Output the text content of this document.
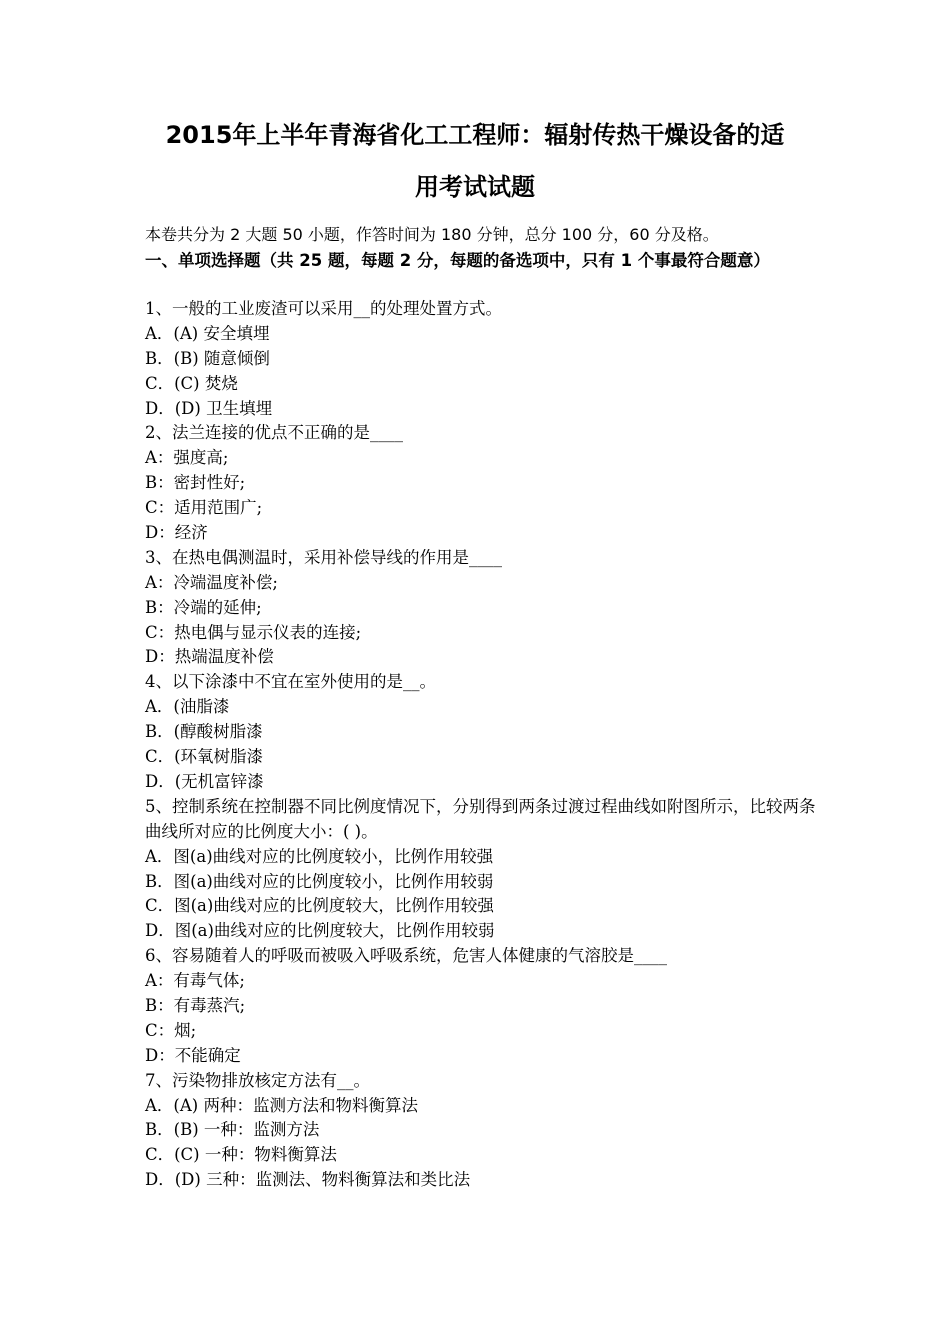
2015年上半年青海省化工工程师：辐射传热干燥设备的适
用考试试题
本卷共分为 2 大题 50 小题，作答时间为 180 分钟，总分 100 分，60 分及格。
一、单项选择题（共 25 题，每题 2 分，每题的备选项中，只有 1 个事最符合题意）
1、一般的工业废渣可以采用__的处理处置方式。
A．(A) 安全填埋
B．(B) 随意倾倒
C．(C) 焚烧
D．(D) 卫生填埋
2、法兰连接的优点不正确的是____
A：强度高;
B：密封性好;
C：适用范围广;
D：经济
3、在热电偶测温时，采用补偿导线的作用是____
A：冷端温度补偿;
B：冷端的延伸;
C：热电偶与显示仪表的连接;
D：热端温度补偿
4、以下涂漆中不宜在室外使用的是__。
A．(油脂漆
B．(醇酸树脂漆
C．(环氧树脂漆
D．(无机富锌漆
5、控制系统在控制器不同比例度情况下，分别得到两条过渡过程曲线如附图所示，比较两条曲线所对应的比例度大小：( )。
A．图(a)曲线对应的比例度较小，比例作用较强
B．图(a)曲线对应的比例度较小，比例作用较弱
C．图(a)曲线对应的比例度较大，比例作用较强
D．图(a)曲线对应的比例度较大，比例作用较弱
6、容易随着人的呼吸而被吸入呼吸系统，危害人体健康的气溶胶是____
A：有毒气体;
B：有毒蒸汽;
C：烟;
D：不能确定
7、污染物排放核定方法有__。
A．(A) 两种：监测方法和物料衡算法
B．(B) 一种：监测方法
C．(C) 一种：物料衡算法
D．(D) 三种：监测法、物料衡算法和类比法
